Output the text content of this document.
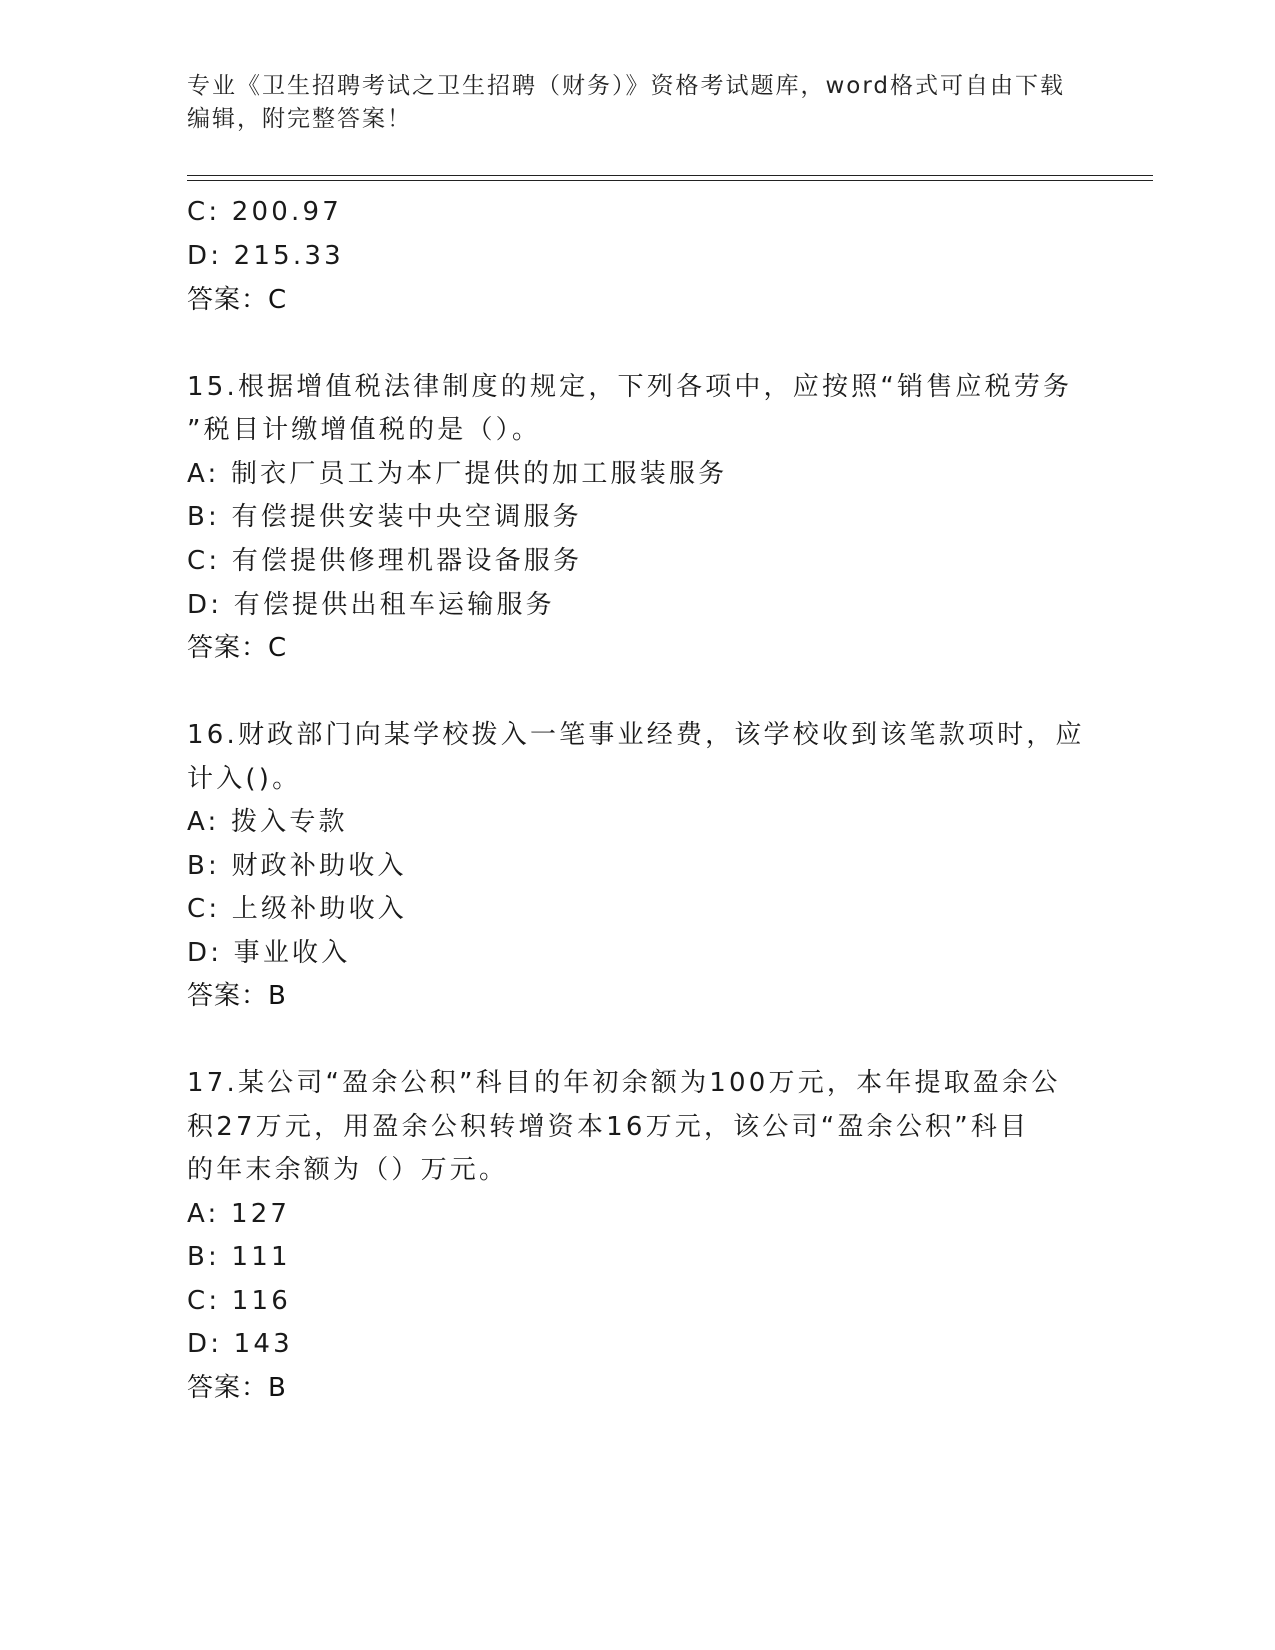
专业《卫生招聘考试之卫生招聘（财务）》资格考试题库，word格式可自由下载
编辑，附完整答案！
C: 200.97
D: 215.33
答案：C
15.根据增值税法律制度的规定，下列各项中，应按照“销售应税劳务
”税目计缴增值税的是（）。
A: 制衣厂员工为本厂提供的加工服装服务
B: 有偿提供安装中央空调服务
C: 有偿提供修理机器设备服务
D: 有偿提供出租车运输服务
答案：C
16.财政部门向某学校拨入一笔事业经费，该学校收到该笔款项时，应
计入()。
A: 拨入专款
B: 财政补助收入
C: 上级补助收入
D: 事业收入
答案：B
17.某公司“盈余公积”科目的年初余额为100万元，本年提取盈余公
积27万元，用盈余公积转增资本16万元，该公司“盈余公积”科目
的年末余额为（）万元。
A: 127
B: 111
C: 116
D: 143
答案：B
